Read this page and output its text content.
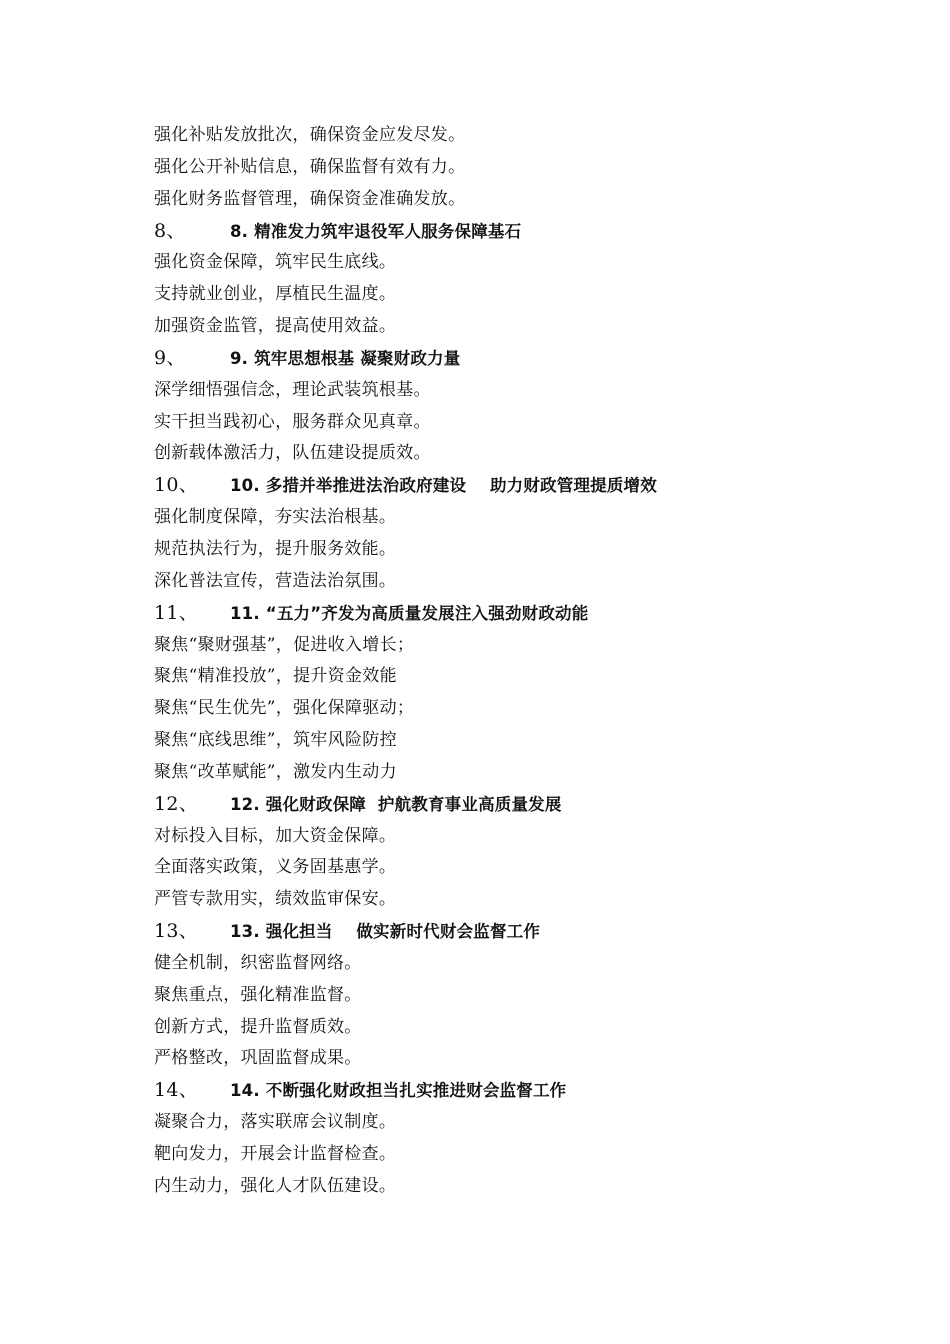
强化补贴发放批次，确保资金应发尽发。
强化公开补贴信息，确保监督有效有力。
强化财务监督管理，确保资金准确发放。
8、	8. 精准发力筑牢退役军人服务保障基石
强化资金保障，筑牢民生底线。
支持就业创业，厚植民生温度。
加强资金监管，提高使用效益。
9、	9. 筑牢思想根基 凝聚财政力量
深学细悟强信念，理论武装筑根基。
实干担当践初心，服务群众见真章。
创新载体激活力，队伍建设提质效。
10、 10. 多措并举推进法治政府建设    助力财政管理提质增效
强化制度保障，夯实法治根基。
规范执法行为，提升服务效能。
深化普法宣传，营造法治氛围。
11、 11. “五力”齐发为高质量发展注入强劲财政动能
聚焦“聚财强基”，促进收入增长；
聚焦“精准投放”，提升资金效能
聚焦“民生优先”，强化保障驱动；
聚焦“底线思维”，筑牢风险防控
聚焦“改革赋能”，激发内生动力
12、 12. 强化财政保障  护航教育事业高质量发展
对标投入目标，加大资金保障。
全面落实政策，义务固基惠学。
严管专款用实，绩效监审保安。
13、 13. 强化担当    做实新时代财会监督工作
健全机制，织密监督网络。
聚焦重点，强化精准监督。
创新方式，提升监督质效。
严格整改，巩固监督成果。
14、 14. 不断强化财政担当扎实推进财会监督工作
凝聚合力，落实联席会议制度。
靶向发力，开展会计监督检查。
内生动力，强化人才队伍建设。
